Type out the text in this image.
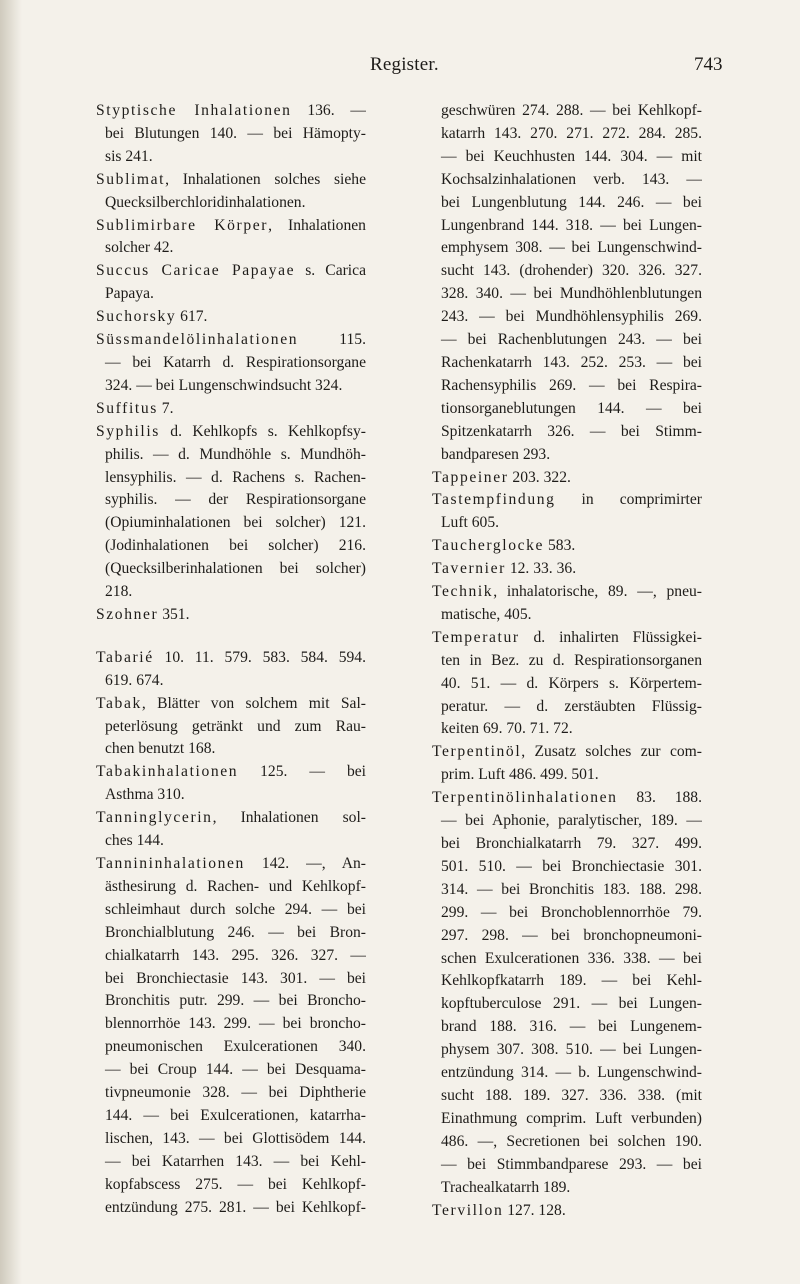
Register.	743
Styptische Inhalationen 136. —
bei Blutungen 140. — bei Hämopty-
sis 241.
Sublimat, Inhalationen solches siehe
Quecksilberchloridinhalationen.
Sublimirbare Körper, Inhalationen
solcher 42.
Succus Caricae Papayae s. Carica
Papaya.
Suchorsky 617.
Süssmandelölinhalationen 115.
— bei Katarrh d. Respirationsorgane
324. — bei Lungenschwindsucht 324.
Suffitus 7.
Syphilis d. Kehlkopfs s. Kehlkopfsy-
philis. — d. Mundhöhle s. Mundhöh-
lensyphilis. — d. Rachens s. Rachen-
syphilis. — der Respirationsorgane
(Opiuminhalationen bei solcher) 121.
(Jodinhalationen bei solcher) 216.
(Quecksilberinhalationen bei solcher)
218.
Szohner 351.
Tabarié 10. 11. 579. 583. 584. 594.
619. 674.
Tabak, Blätter von solchem mit Sal-
peterlösung getränkt und zum Rau-
chen benutzt 168.
Tabakinhalationen 125. — bei
Asthma 310.
Tanninglycerin, Inhalationen sol-
ches 144.
Tannininhalationen 142. —, An-
ästhesirung d. Rachen- und Kehlkopf-
schleimhaut durch solche 294. — bei
Bronchialblutung 246. — bei Bron-
chialkatarrh 143. 295. 326. 327. —
bei Bronchiectasie 143. 301. — bei
Bronchitis putr. 299. — bei Broncho-
blennorrhöe 143. 299. — bei broncho-
pneumonischen Exulcerationen 340.
— bei Croup 144. — bei Desquama-
tivpneumonie 328. — bei Diphtherie
144. — bei Exulcerationen, katarrha-
lischen, 143. — bei Glottisödem 144.
— bei Katarrhen 143. — bei Kehl-
kopfabscess 275. — bei Kehlkopf-
entzündung 275. 281. — bei Kehlkopf-
geschwüren 274. 288. — bei Kehlkopf-
katarrh 143. 270. 271. 272. 284. 285.
— bei Keuchhusten 144. 304. — mit
Kochsalzinhalationen verb. 143. —
bei Lungenblutung 144. 246. — bei
Lungenbrand 144. 318. — bei Lungen-
emphysem 308. — bei Lungenschwind-
sucht 143. (drohender) 320. 326. 327.
328. 340. — bei Mundhöhlenblutungen
243. — bei Mundhöhlensyphilis 269.
— bei Rachenblutungen 243. — bei
Rachenkatarrh 143. 252. 253. — bei
Rachensyphilis 269. — bei Respira-
tionsorganeblutungen 144. — bei
Spitzenkatarrh 326. — bei Stimm-
bandparesen 293.
Tappeiner 203. 322.
Tastempfindung in comprimirter
Luft 605.
Taucherglocke 583.
Tavernier 12. 33. 36.
Technik, inhalatorische, 89. —, pneu-
matische, 405.
Temperatur d. inhalirten Flüssigkei-
ten in Bez. zu d. Respirationsorganen
40. 51. — d. Körpers s. Körpertem-
peratur. — d. zerstäubten Flüssig-
keiten 69. 70. 71. 72.
Terpentinöl, Zusatz solches zur com-
prim. Luft 486. 499. 501.
Terpentinölinhalationen 83. 188.
— bei Aphonie, paralytischer, 189. —
bei Bronchialkatarrh 79. 327. 499.
501. 510. — bei Bronchiectasie 301.
314. — bei Bronchitis 183. 188. 298.
299. — bei Bronchoblennorrhöe 79.
297. 298. — bei bronchopneumoni-
schen Exulcerationen 336. 338. — bei
Kehlkopfkatarrh 189. — bei Kehl-
kopftuberculose 291. — bei Lungen-
brand 188. 316. — bei Lungenem-
physem 307. 308. 510. — bei Lungen-
entzündung 314. — b. Lungenschwind-
sucht 188. 189. 327. 336. 338. (mit
Einathmung comprim. Luft verbunden)
486. —, Secretionen bei solchen 190.
— bei Stimmbandparese 293. — bei
Trachealkatarrh 189.
Tervillon 127. 128.
